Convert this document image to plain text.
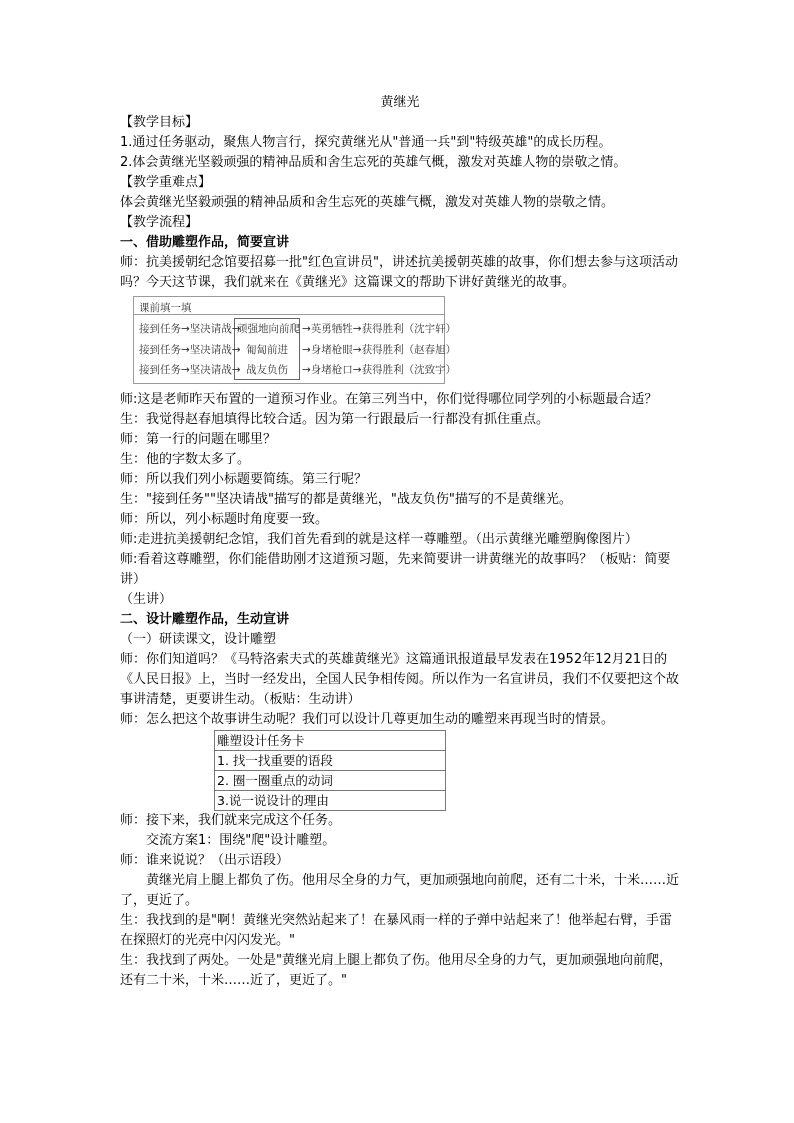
黄继光

【教学目标】

1.通过任务驱动，聚焦人物言行，探究黄继光从"普通一兵"到"特级英雄"的成长历程。

2.体会黄继光坚毅顽强的精神品质和舍生忘死的英雄气概，激发对英雄人物的崇敬之情。

【教学重难点】

体会黄继光坚毅顽强的精神品质和舍生忘死的英雄气概，激发对英雄人物的崇敬之情。

【教学流程】

一、借助雕塑作品，简要宣讲

师：抗美援朝纪念馆要招募一批"红色宣讲员"，讲述抗美援朝英雄的故事，你们想去参与这项活动吗？今天这节课，我们就来在《黄继光》这篇课文的帮助下讲好黄继光的故事。

课前填一填
接到任务→坚决请战→
顽强地向前爬 →英勇牺牲→获得胜利（沈宇轩）
接到任务→坚决请战→ 匍匐前进 →身堵枪眼→获得胜利（赵春旭）
接到任务→坚决请战→ 战友负伤 →身堵枪口→获得胜利（沈致宇）

师:这是老师昨天布置的一道预习作业。在第三列当中，你们觉得哪位同学列的小标题最合适？

生：我觉得赵春旭填得比较合适。因为第一行跟最后一行都没有抓住重点。

师：第一行的问题在哪里？

生：他的字数太多了。

师：所以我们列小标题要简练。第三行呢？

生："接到任务""坚决请战"描写的都是黄继光，"战友负伤"描写的不是黄继光。

师：所以，列小标题时角度要一致。

师:走进抗美援朝纪念馆，我们首先看到的就是这样一尊雕塑。（出示黄继光雕塑胸像图片）

师:看着这尊雕塑，你们能借助刚才这道预习题，先来简要讲一讲黄继光的故事吗？（板贴：简要讲）

（生讲）

二、设计雕塑作品，生动宣讲

（一）研读课文，设计雕塑

师：你们知道吗？《马特洛索夫式的英雄黄继光》这篇通讯报道最早发表在1952年12月21日的《人民日报》上，当时一经发出，全国人民争相传阅。所以作为一名宣讲员，我们不仅要把这个故事讲清楚，更要讲生动。（板贴：生动讲）

师：怎么把这个故事讲生动呢？我们可以设计几尊更加生动的雕塑来再现当时的情景。

雕塑设计任务卡
1. 找一找重要的语段
2. 圈一圈重点的动词
3.说一说设计的理由

师：接下来，我们就来完成这个任务。

交流方案1：围绕"爬"设计雕塑。

师：谁来说说？（出示语段）

黄继光肩上腿上都负了伤。他用尽全身的力气，更加顽强地向前爬，还有二十米，十米……近了，更近了。

生：我找到的是"啊！黄继光突然站起来了！在暴风雨一样的子弹中站起来了！他举起右臂，手雷在探照灯的光亮中闪闪发光。"

生：我找到了两处。一处是"黄继光肩上腿上都负了伤。他用尽全身的力气，更加顽强地向前爬，还有二十米，十米……近了，更近了。"
